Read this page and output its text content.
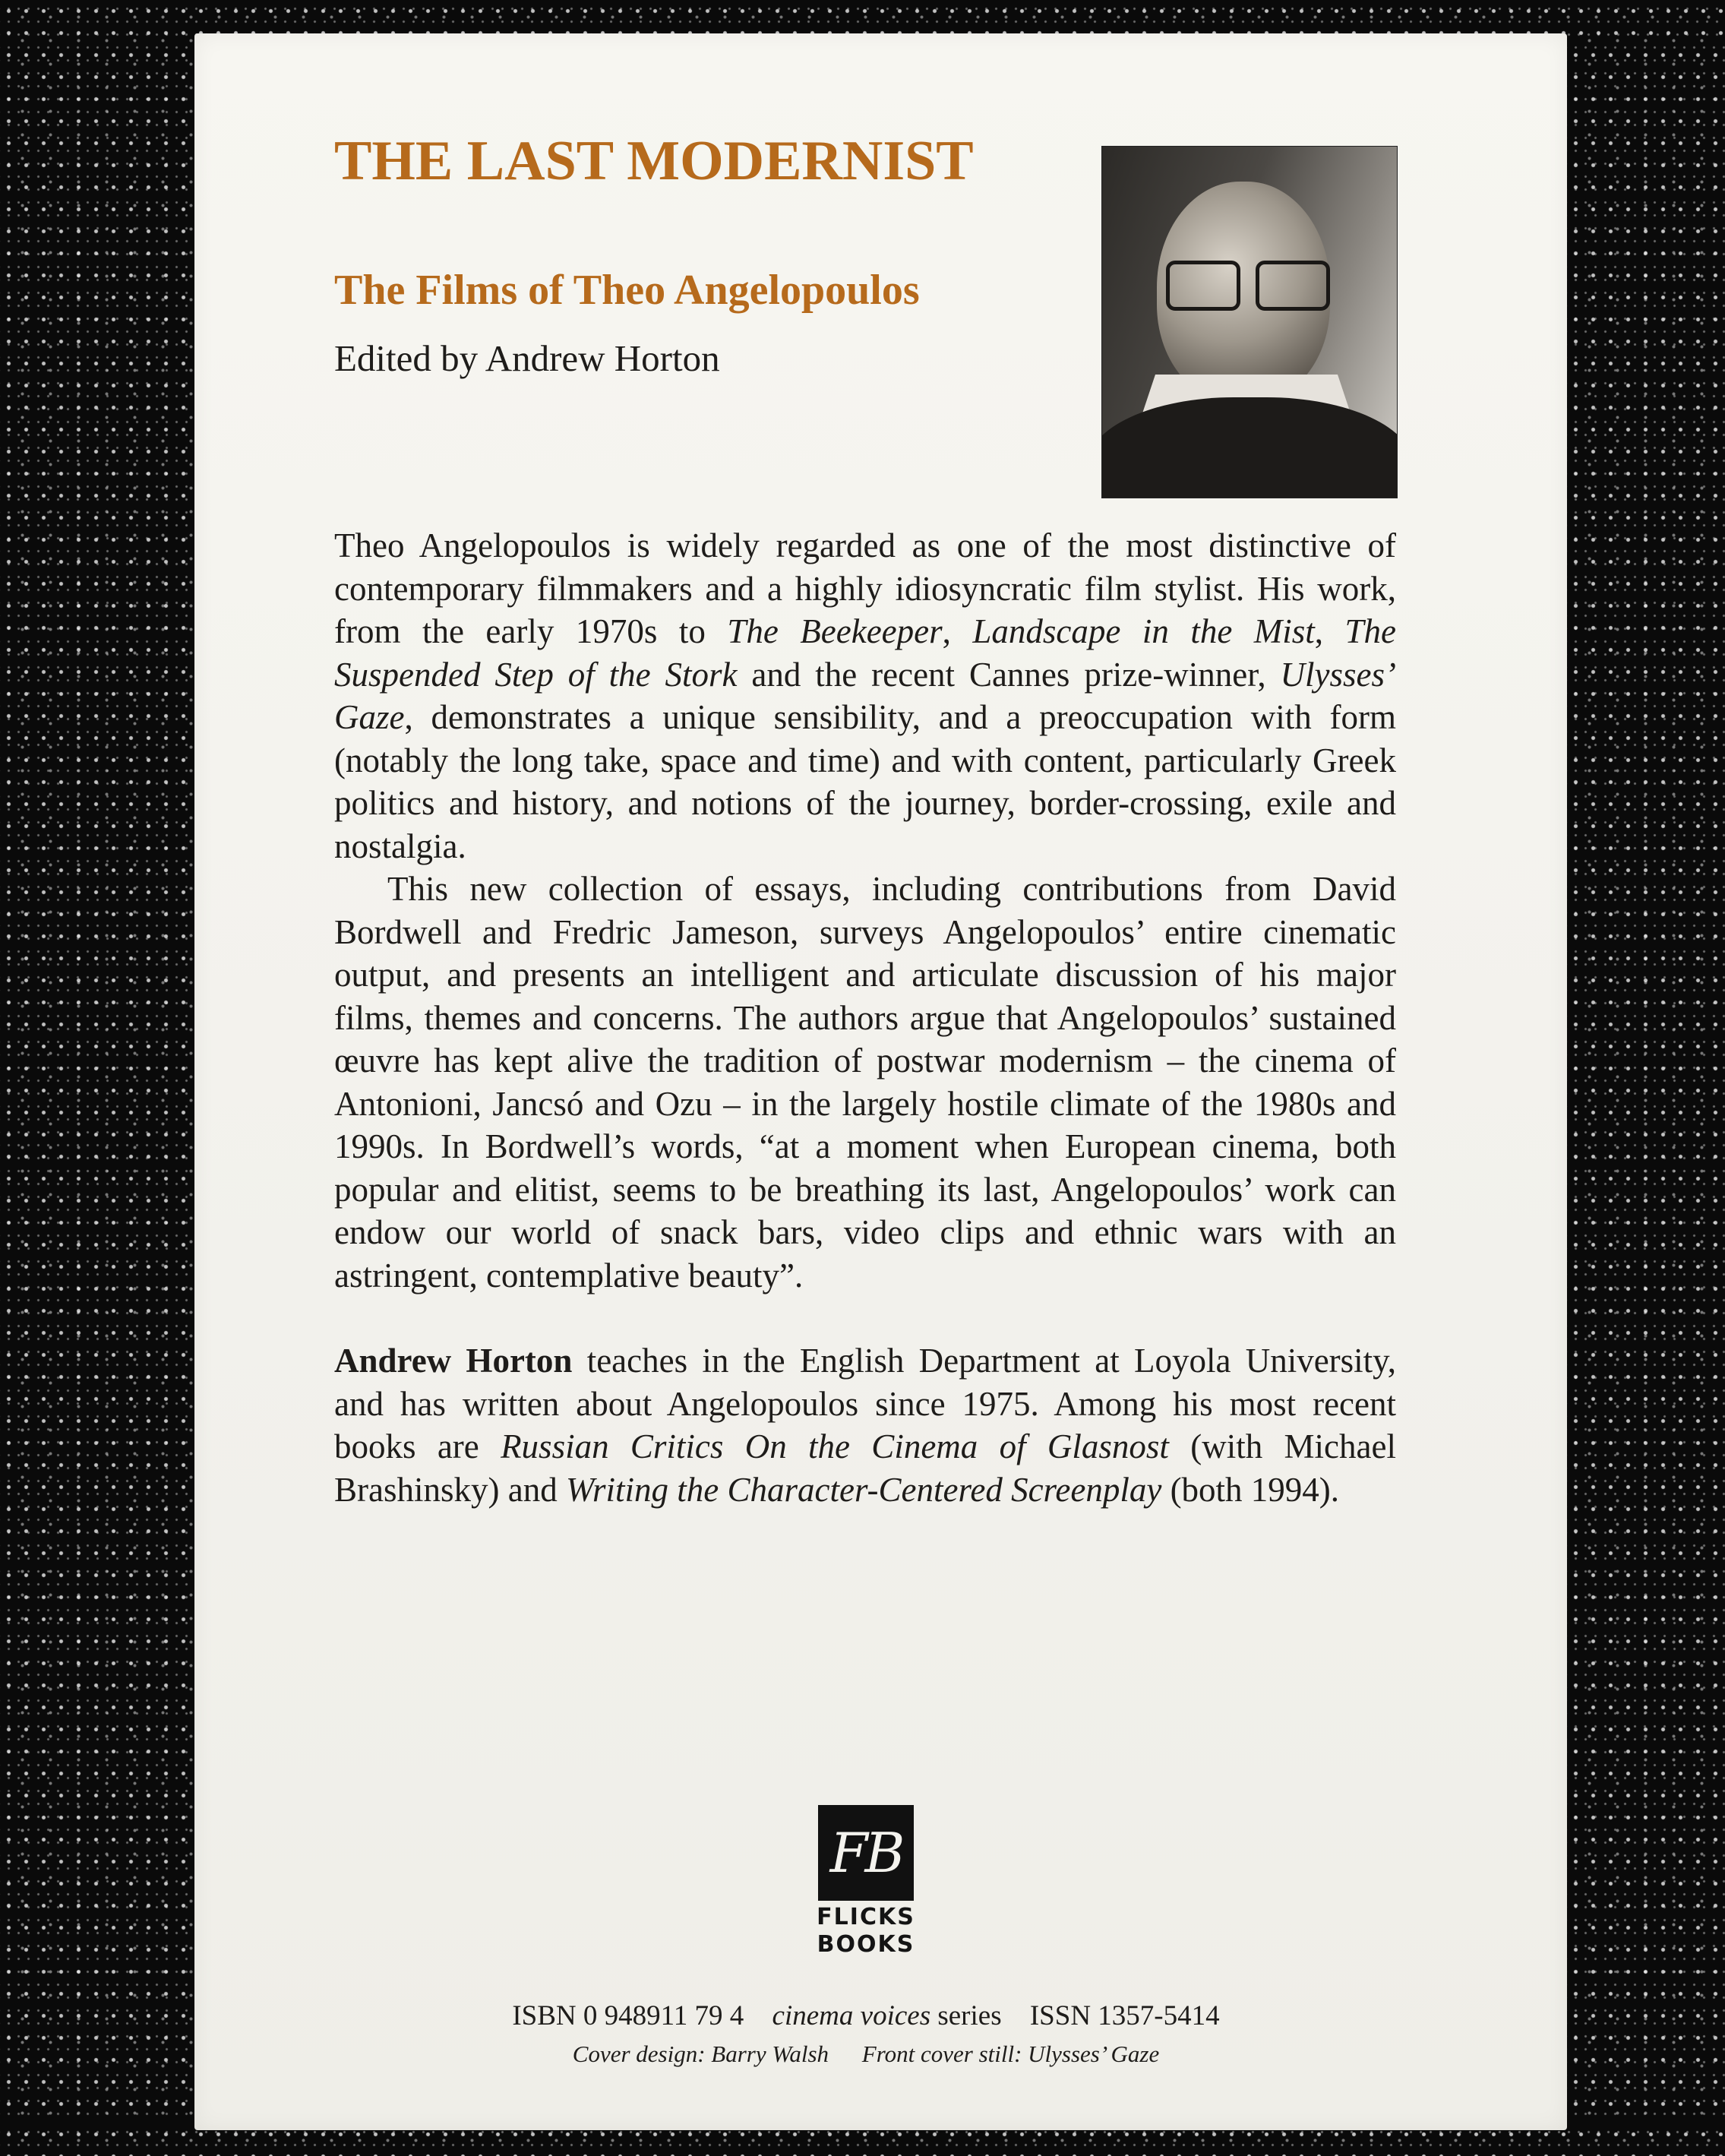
THE LAST MODERNIST
The Films of Theo Angelopoulos

Edited by Andrew Horton

Theo Angelopoulos is widely regarded as one of the most distinctive of contemporary filmmakers and a highly idiosyncratic film stylist. His work, from the early 1970s to The Beekeeper, Landscape in the Mist, The Suspended Step of the Stork and the recent Cannes prize-winner, Ulysses’ Gaze, demonstrates a unique sensibility, and a preoccupation with form (notably the long take, space and time) and with content, particularly Greek politics and history, and notions of the journey, border-crossing, exile and nostalgia.

This new collection of essays, including contributions from David Bordwell and Fredric Jameson, surveys Angelopoulos’ entire cinematic output, and presents an intelligent and articulate discussion of his major films, themes and concerns. The authors argue that Angelopoulos’ sustained œuvre has kept alive the tradition of postwar modernism – the cinema of Antonioni, Jancsó and Ozu – in the largely hostile climate of the 1980s and 1990s. In Bordwell’s words, “at a moment when European cinema, both popular and elitist, seems to be breathing its last, Angelopoulos’ work can endow our world of snack bars, video clips and ethnic wars with an astringent, contemplative beauty”.

Andrew Horton teaches in the English Department at Loyola University, and has written about Angelopoulos since 1975. Among his most recent books are Russian Critics On the Cinema of Glasnost (with Michael Brashinsky) and Writing the Character-Centered Screenplay (both 1994).

FB
FLICKS
BOOKS
ISBN 0 948911 79 4 cinema voices series ISSN 1357-5414
Cover design: Barry Walsh Front cover still: Ulysses’ Gaze
